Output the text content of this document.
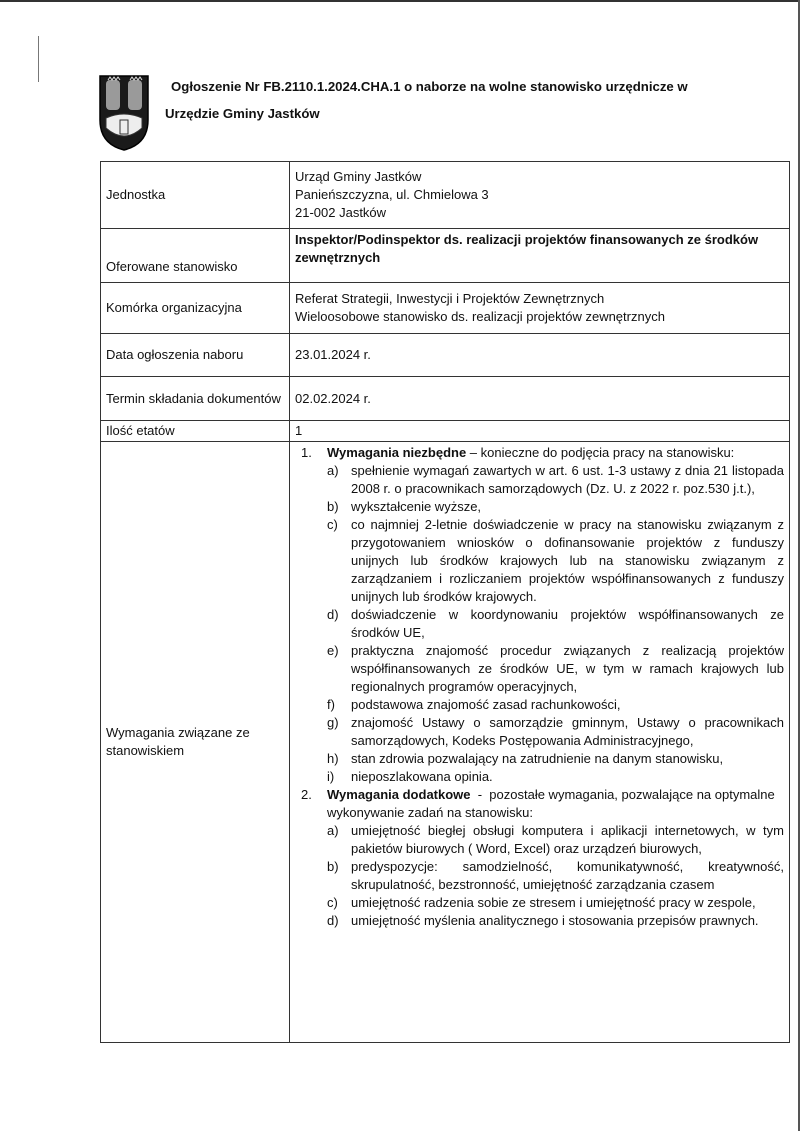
Ogłoszenie Nr FB.2110.1.2024.CHA.1 o naborze na wolne stanowisko urzędnicze w
Urzędzie Gminy Jastków
Jednostka	Urząd Gminy Jastków
Panieńszczyzna, ul. Chmielowa 3
21-002 Jastków

Oferowane stanowisko	Inspektor/Podinspektor ds. realizacji projektów finansowanych ze środków zewnętrznych

Komórka organizacyjna	Referat Strategii, Inwestycji i Projektów Zewnętrznych
Wieloosobowe stanowisko ds. realizacji projektów zewnętrznych

Data ogłoszenia naboru	23.01.2024 r.
Termin składania dokumentów	02.02.2024 r.
Ilość etatów	1
Wymagania związane ze stanowiskiem	
1. Wymagania niezbędne – konieczne do podjęcia pracy na stanowisku:
a) spełnienie wymagań zawartych w art. 6 ust. 1-3 ustawy z dnia 21 listopada 2008 r. o pracownikach samorządowych (Dz. U. z 2022 r. poz.530 j.t.),
b) wykształcenie wyższe,
c) co najmniej 2-letnie doświadczenie w pracy na stanowisku związanym z przygotowaniem wniosków o dofinansowanie projektów z funduszy unijnych lub środków krajowych lub na stanowisku związanym z zarządzaniem i rozliczaniem projektów współfinansowanych z funduszy unijnych lub środków krajowych.
d) doświadczenie w koordynowaniu projektów współfinansowanych ze środków UE,
e) praktyczna znajomość procedur związanych z realizacją projektów współfinansowanych ze środków UE, w tym w ramach krajowych lub regionalnych programów operacyjnych,
f) podstawowa znajomość zasad rachunkowości,
g) znajomość Ustawy o samorządzie gminnym, Ustawy o pracownikach samorządowych, Kodeks Postępowania Administracyjnego,
h) stan zdrowia pozwalający na zatrudnienie na danym stanowisku,
i) nieposzlakowana opinia.
2. Wymagania dodatkowe  -  pozostałe wymagania, pozwalające na optymalne wykonywanie zadań na stanowisku:
a) umiejętność biegłej obsługi komputera i aplikacji internetowych, w tym pakietów biurowych ( Word, Excel) oraz urządzeń biurowych,
b) predyspozycje: samodzielność, komunikatywność, kreatywność, skrupulatność, bezstronność, umiejętność zarządzania czasem
c) umiejętność radzenia sobie ze stresem i umiejętność pracy w zespole,
d) umiejętność myślenia analitycznego i stosowania przepisów prawnych.
